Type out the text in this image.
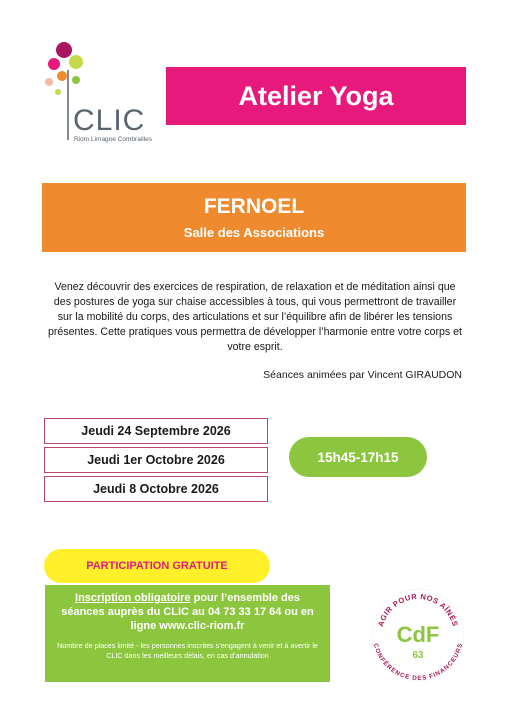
CLIC
Riom Limagne Combrailles
Atelier Yoga
FERNOEL
Salle des Associations
Venez découvrir des exercices de respiration, de relaxation et de méditation ainsi que des postures de yoga sur chaise accessibles à tous, qui vous permettront de travailler sur la mobilité du corps, des articulations et sur l’équilibre afin de libérer les tensions présentes. Cette pratiques vous permettra de développer l’harmonie entre votre corps et votre esprit.
Séances animées par Vincent GIRAUDON
Jeudi 24 Septembre 2026
Jeudi 1er Octobre 2026
Jeudi 8 Octobre 2026
15h45-17h15
PARTICIPATION GRATUITE
Inscription obligatoire pour l’ensemble des séances auprès du CLIC au 04 73 33 17 64 ou en ligne www.clic-riom.fr
Nombre de places limité - les personnes inscrites s’engagent à venir et à avertir le CLIC dans les meilleurs délais, en cas d’annulation
AGIR POUR NOS AÎNÉS
CONFÉRENCE DES FINANCEURS
CdF
63
